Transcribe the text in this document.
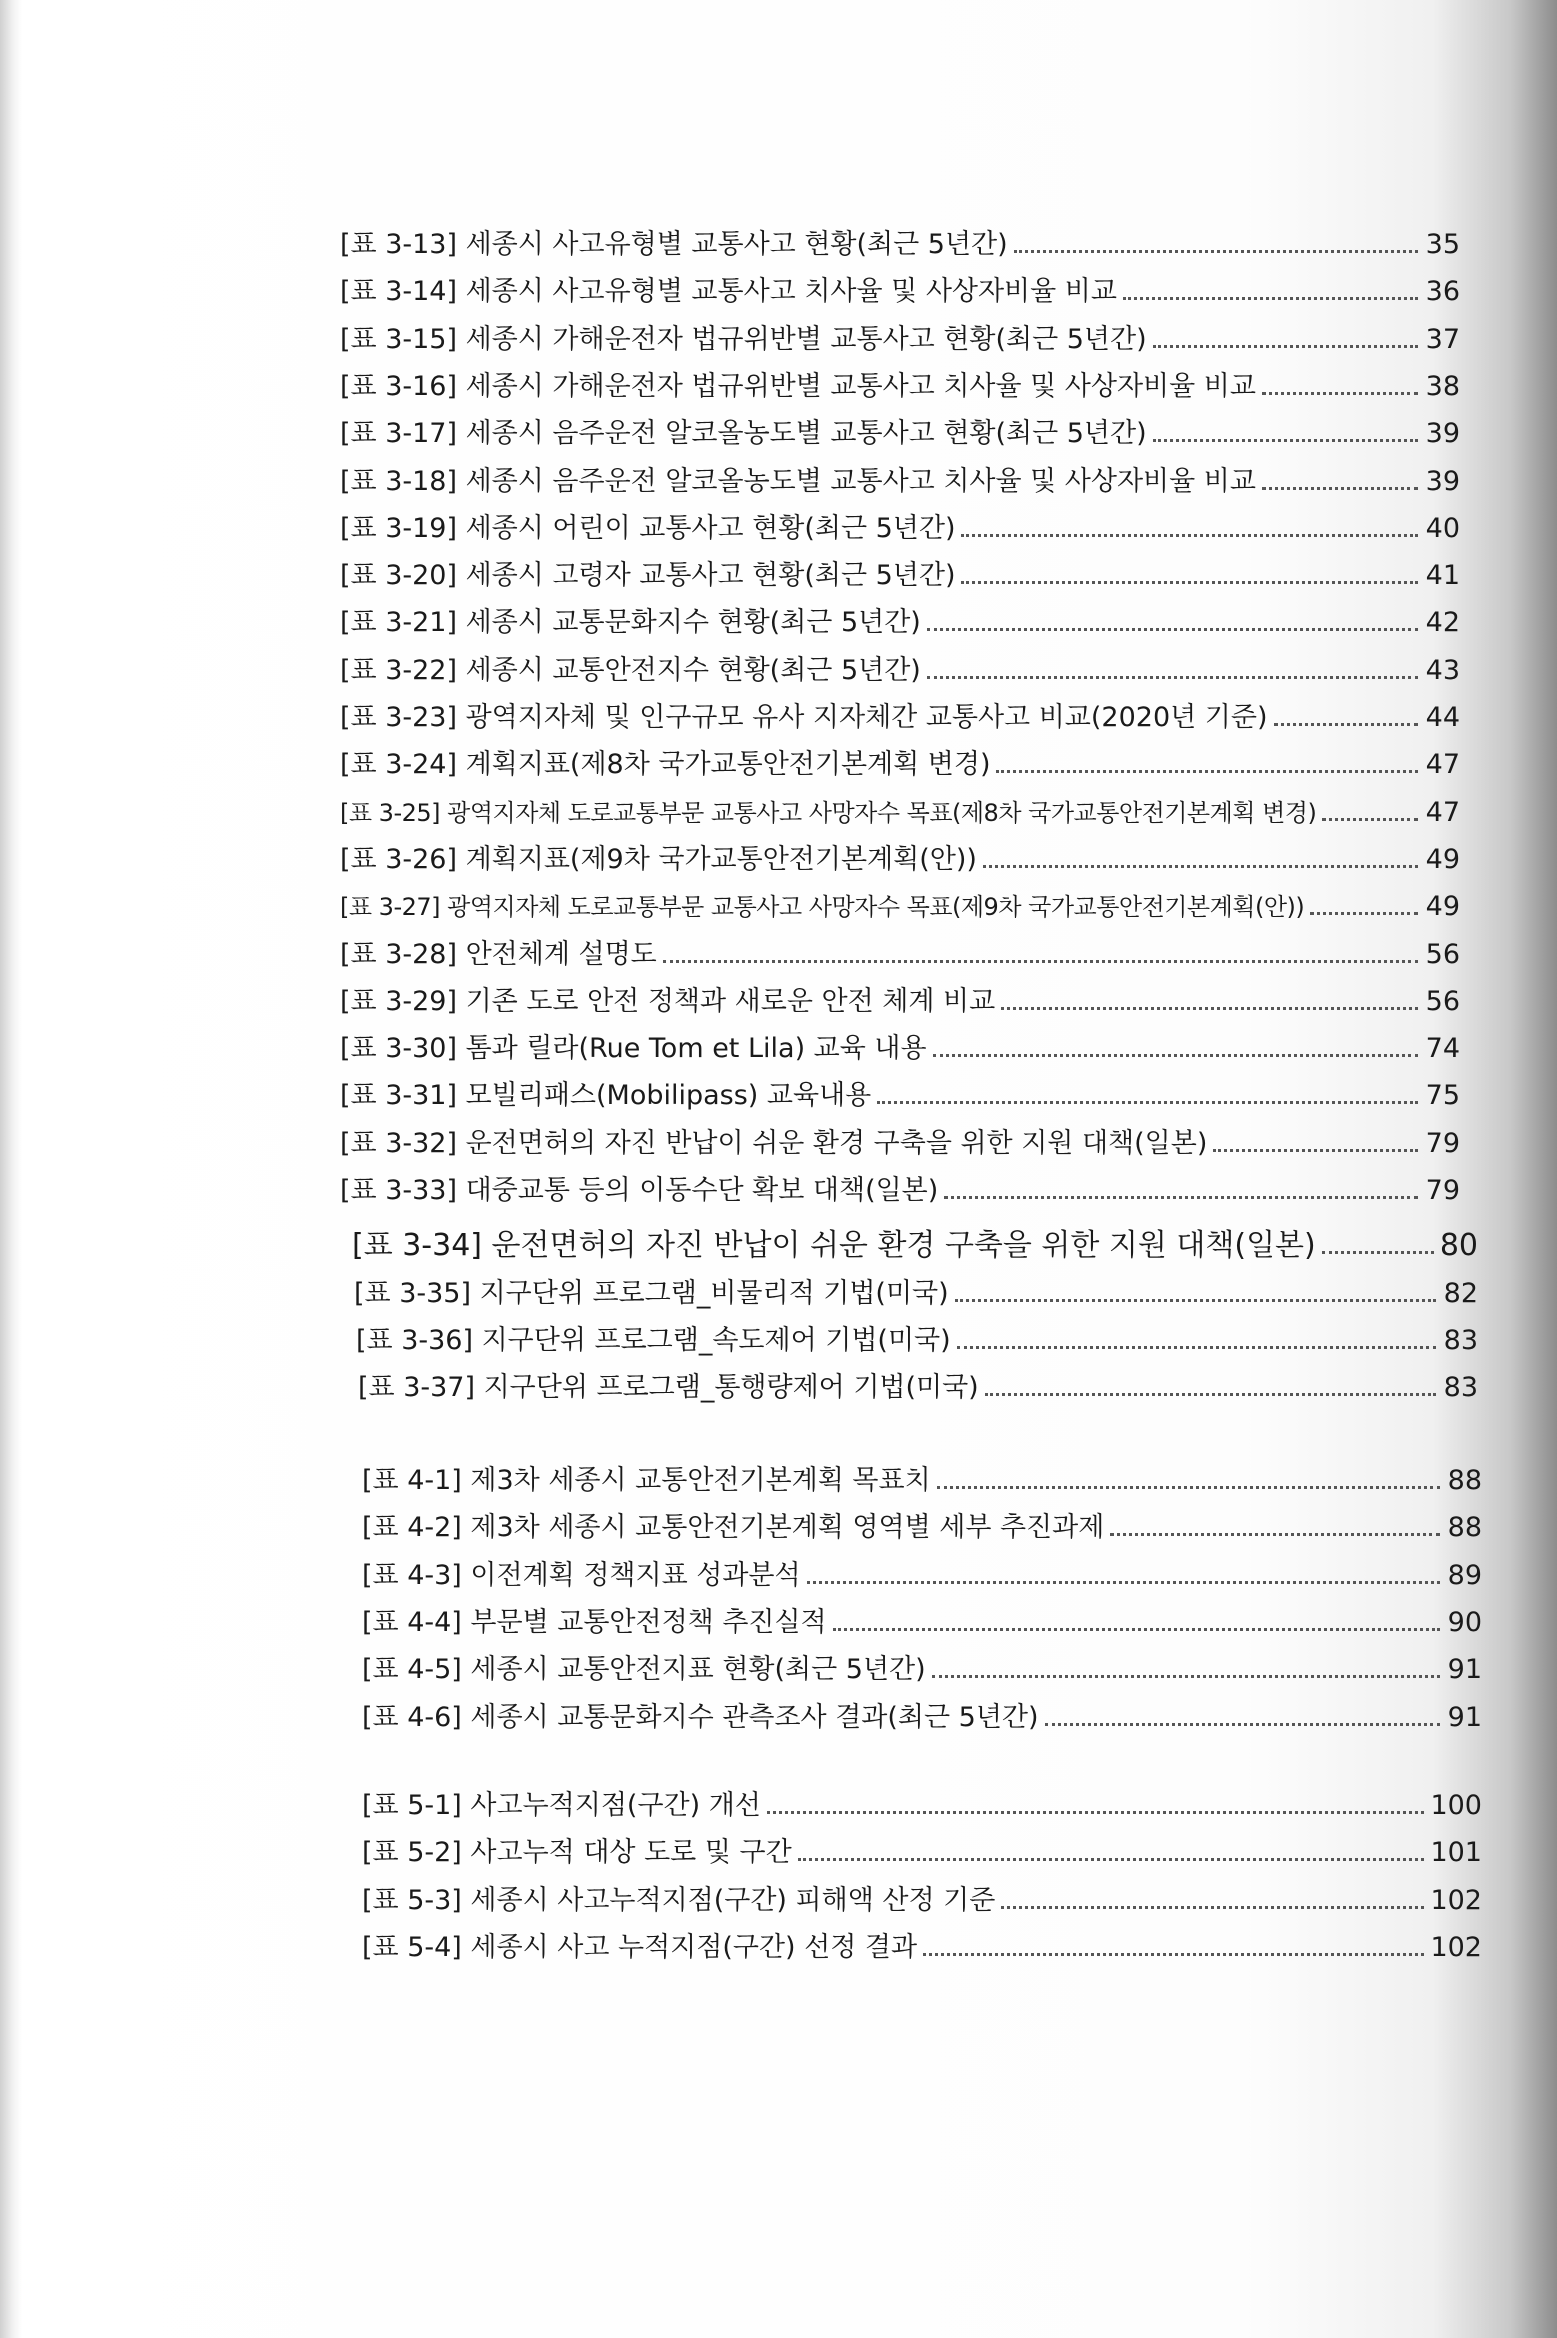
[표 3-13] 세종시 사고유형별 교통사고 현황(최근 5년간)	35
[표 3-14] 세종시 사고유형별 교통사고 치사율 및 사상자비율 비교	36
[표 3-15] 세종시 가해운전자 법규위반별 교통사고 현황(최근 5년간)	37
[표 3-16] 세종시 가해운전자 법규위반별 교통사고 치사율 및 사상자비율 비교	38
[표 3-17] 세종시 음주운전 알코올농도별 교통사고 현황(최근 5년간)	39
[표 3-18] 세종시 음주운전 알코올농도별 교통사고 치사율 및 사상자비율 비교	39
[표 3-19] 세종시 어린이 교통사고 현황(최근 5년간)	40
[표 3-20] 세종시 고령자 교통사고 현황(최근 5년간)	41
[표 3-21] 세종시 교통문화지수 현황(최근 5년간)	42
[표 3-22] 세종시 교통안전지수 현황(최근 5년간)	43
[표 3-23] 광역지자체 및 인구규모 유사 지자체간 교통사고 비교(2020년 기준)	44
[표 3-24] 계획지표(제8차 국가교통안전기본계획 변경)	47
[표 3-25] 광역지자체 도로교통부문 교통사고 사망자수 목표(제8차 국가교통안전기본계획 변경)	47
[표 3-26] 계획지표(제9차 국가교통안전기본계획(안))	49
[표 3-27] 광역지자체 도로교통부문 교통사고 사망자수 목표(제9차 국가교통안전기본계획(안))	49
[표 3-28] 안전체계 설명도	56
[표 3-29] 기존 도로 안전 정책과 새로운 안전 체계 비교	56
[표 3-30] 톰과 릴라(Rue Tom et Lila) 교육 내용	74
[표 3-31] 모빌리패스(Mobilipass) 교육내용	75
[표 3-32] 운전면허의 자진 반납이 쉬운 환경 구축을 위한 지원 대책(일본)	79
[표 3-33] 대중교통 등의 이동수단 확보 대책(일본)	79
[표 3-34] 운전면허의 자진 반납이 쉬운 환경 구축을 위한 지원 대책(일본)	80
[표 3-35] 지구단위 프로그램_비물리적 기법(미국)	82
[표 3-36] 지구단위 프로그램_속도제어 기법(미국)	83
[표 3-37] 지구단위 프로그램_통행량제어 기법(미국)	83
[표 4-1] 제3차 세종시 교통안전기본계획 목표치	88
[표 4-2] 제3차 세종시 교통안전기본계획 영역별 세부 추진과제	88
[표 4-3] 이전계획 정책지표 성과분석	89
[표 4-4] 부문별 교통안전정책 추진실적	90
[표 4-5] 세종시 교통안전지표 현황(최근 5년간)	91
[표 4-6] 세종시 교통문화지수 관측조사 결과(최근 5년간)	91
[표 5-1] 사고누적지점(구간) 개선	100
[표 5-2] 사고누적 대상 도로 및 구간	101
[표 5-3] 세종시 사고누적지점(구간) 피해액 산정 기준	102
[표 5-4] 세종시 사고 누적지점(구간) 선정 결과	102
